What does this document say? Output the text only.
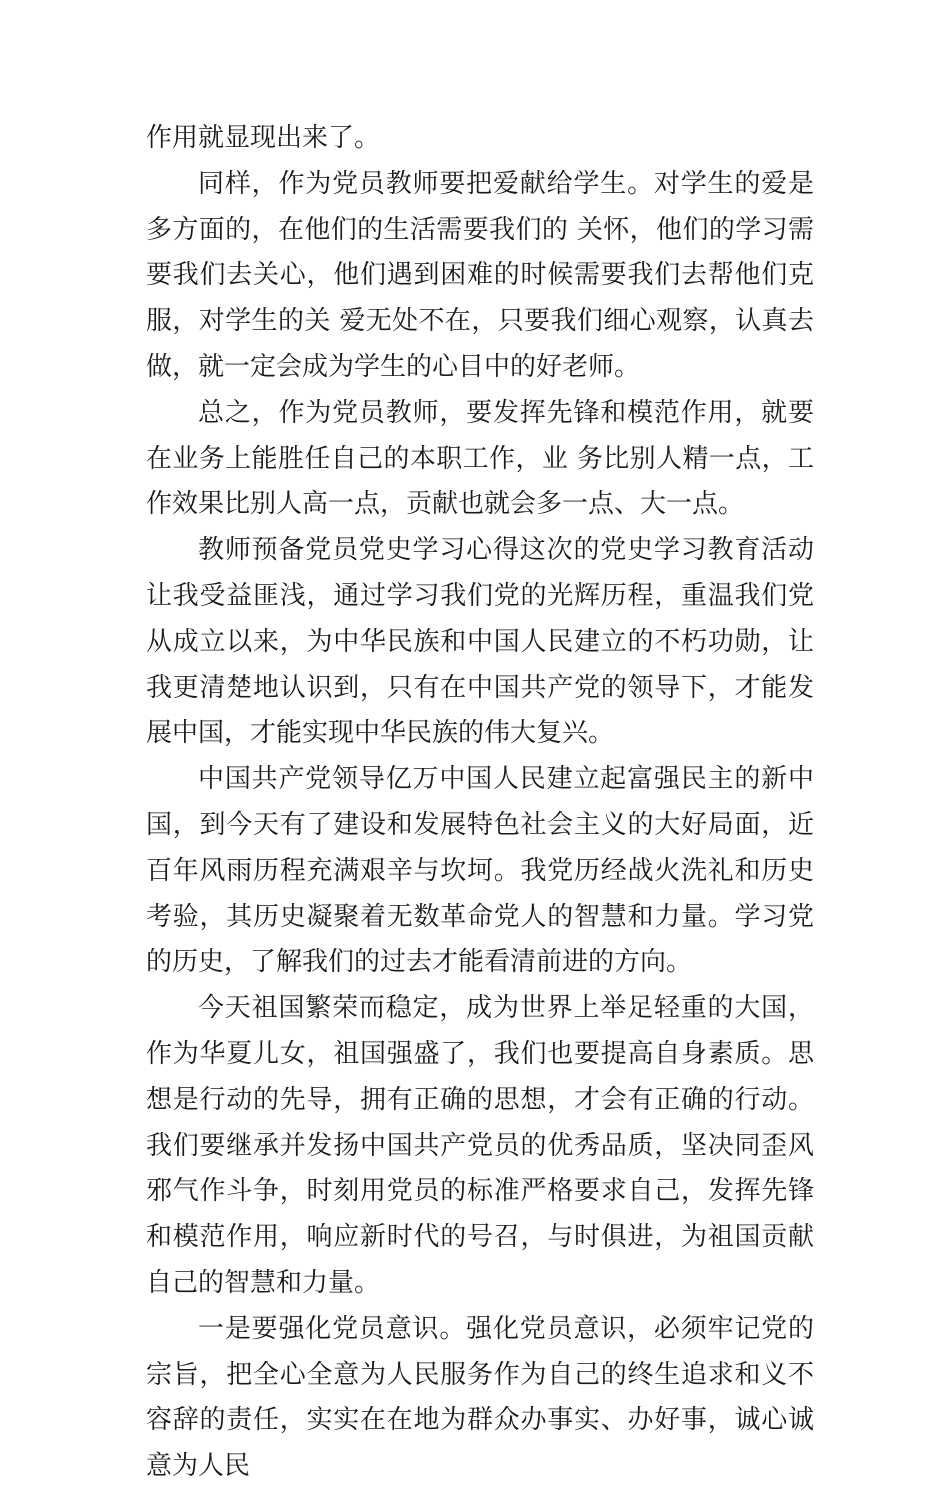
作用就显现出来了。

同样，作为党员教师要把爱献给学生。对学生的爱是多方面的，在他们的生活需要我们的 关怀，他们的学习需要我们去关心，他们遇到困难的时候需要我们去帮他们克服，对学生的关 爱无处不在，只要我们细心观察，认真去做，就一定会成为学生的心目中的好老师。

总之，作为党员教师，要发挥先锋和模范作用，就要在业务上能胜任自己的本职工作，业 务比别人精一点，工作效果比别人高一点，贡献也就会多一点、大一点。

教师预备党员党史学习心得这次的党史学习教育活动让我受益匪浅，通过学习我们党的光辉历程，重温我们党从成立以来，为中华民族和中国人民建立的不朽功勋，让我更清楚地认识到，只有在中国共产党的领导下，才能发展中国，才能实现中华民族的伟大复兴。

中国共产党领导亿万中国人民建立起富强民主的新中国，到今天有了建设和发展特色社会主义的大好局面，近百年风雨历程充满艰辛与坎坷。我党历经战火洗礼和历史考验，其历史凝聚着无数革命党人的智慧和力量。学习党的历史，了解我们的过去才能看清前进的方向。

今天祖国繁荣而稳定，成为世界上举足轻重的大国，作为华夏儿女，祖国强盛了，我们也要提高自身素质。思想是行动的先导，拥有正确的思想，才会有正确的行动。我们要继承并发扬中国共产党员的优秀品质，坚决同歪风邪气作斗争，时刻用党员的标准严格要求自己，发挥先锋和模范作用，响应新时代的号召，与时俱进，为祖国贡献自己的智慧和力量。

一是要强化党员意识。强化党员意识，必须牢记党的宗旨，把全心全意为人民服务作为自己的终生追求和义不容辞的责任，实实在在地为群众办事实、办好事，诚心诚意为人民
